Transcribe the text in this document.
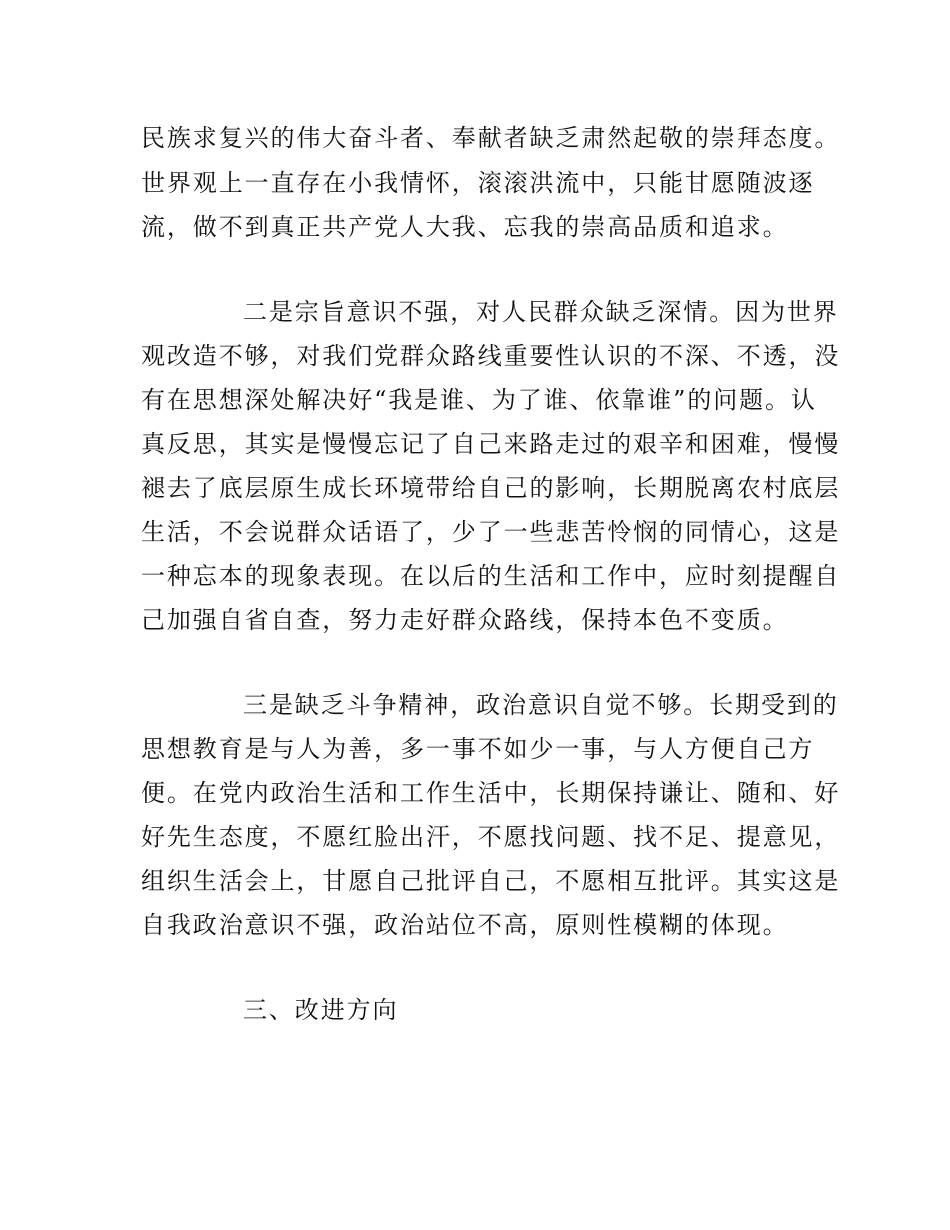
民族求复兴的伟大奋斗者、奉献者缺乏肃然起敬的崇拜态度。

世界观上一直存在小我情怀，滚滚洪流中，只能甘愿随波逐

流，做不到真正共产党人大我、忘我的崇高品质和追求。

二是宗旨意识不强，对人民群众缺乏深情。因为世界

观改造不够，对我们党群众路线重要性认识的不深、不透，没

有在思想深处解决好“我是谁、为了谁、依靠谁”的问题。认

真反思，其实是慢慢忘记了自己来路走过的艰辛和困难，慢慢

褪去了底层原生成长环境带给自己的影响，长期脱离农村底层

生活，不会说群众话语了，少了一些悲苦怜悯的同情心，这是

一种忘本的现象表现。在以后的生活和工作中，应时刻提醒自

己加强自省自查，努力走好群众路线，保持本色不变质。

三是缺乏斗争精神，政治意识自觉不够。长期受到的

思想教育是与人为善，多一事不如少一事，与人方便自己方

便。在党内政治生活和工作生活中，长期保持谦让、随和、好

好先生态度，不愿红脸出汗，不愿找问题、找不足、提意见，

组织生活会上，甘愿自己批评自己，不愿相互批评。其实这是

自我政治意识不强，政治站位不高，原则性模糊的体现。

三、改进方向
